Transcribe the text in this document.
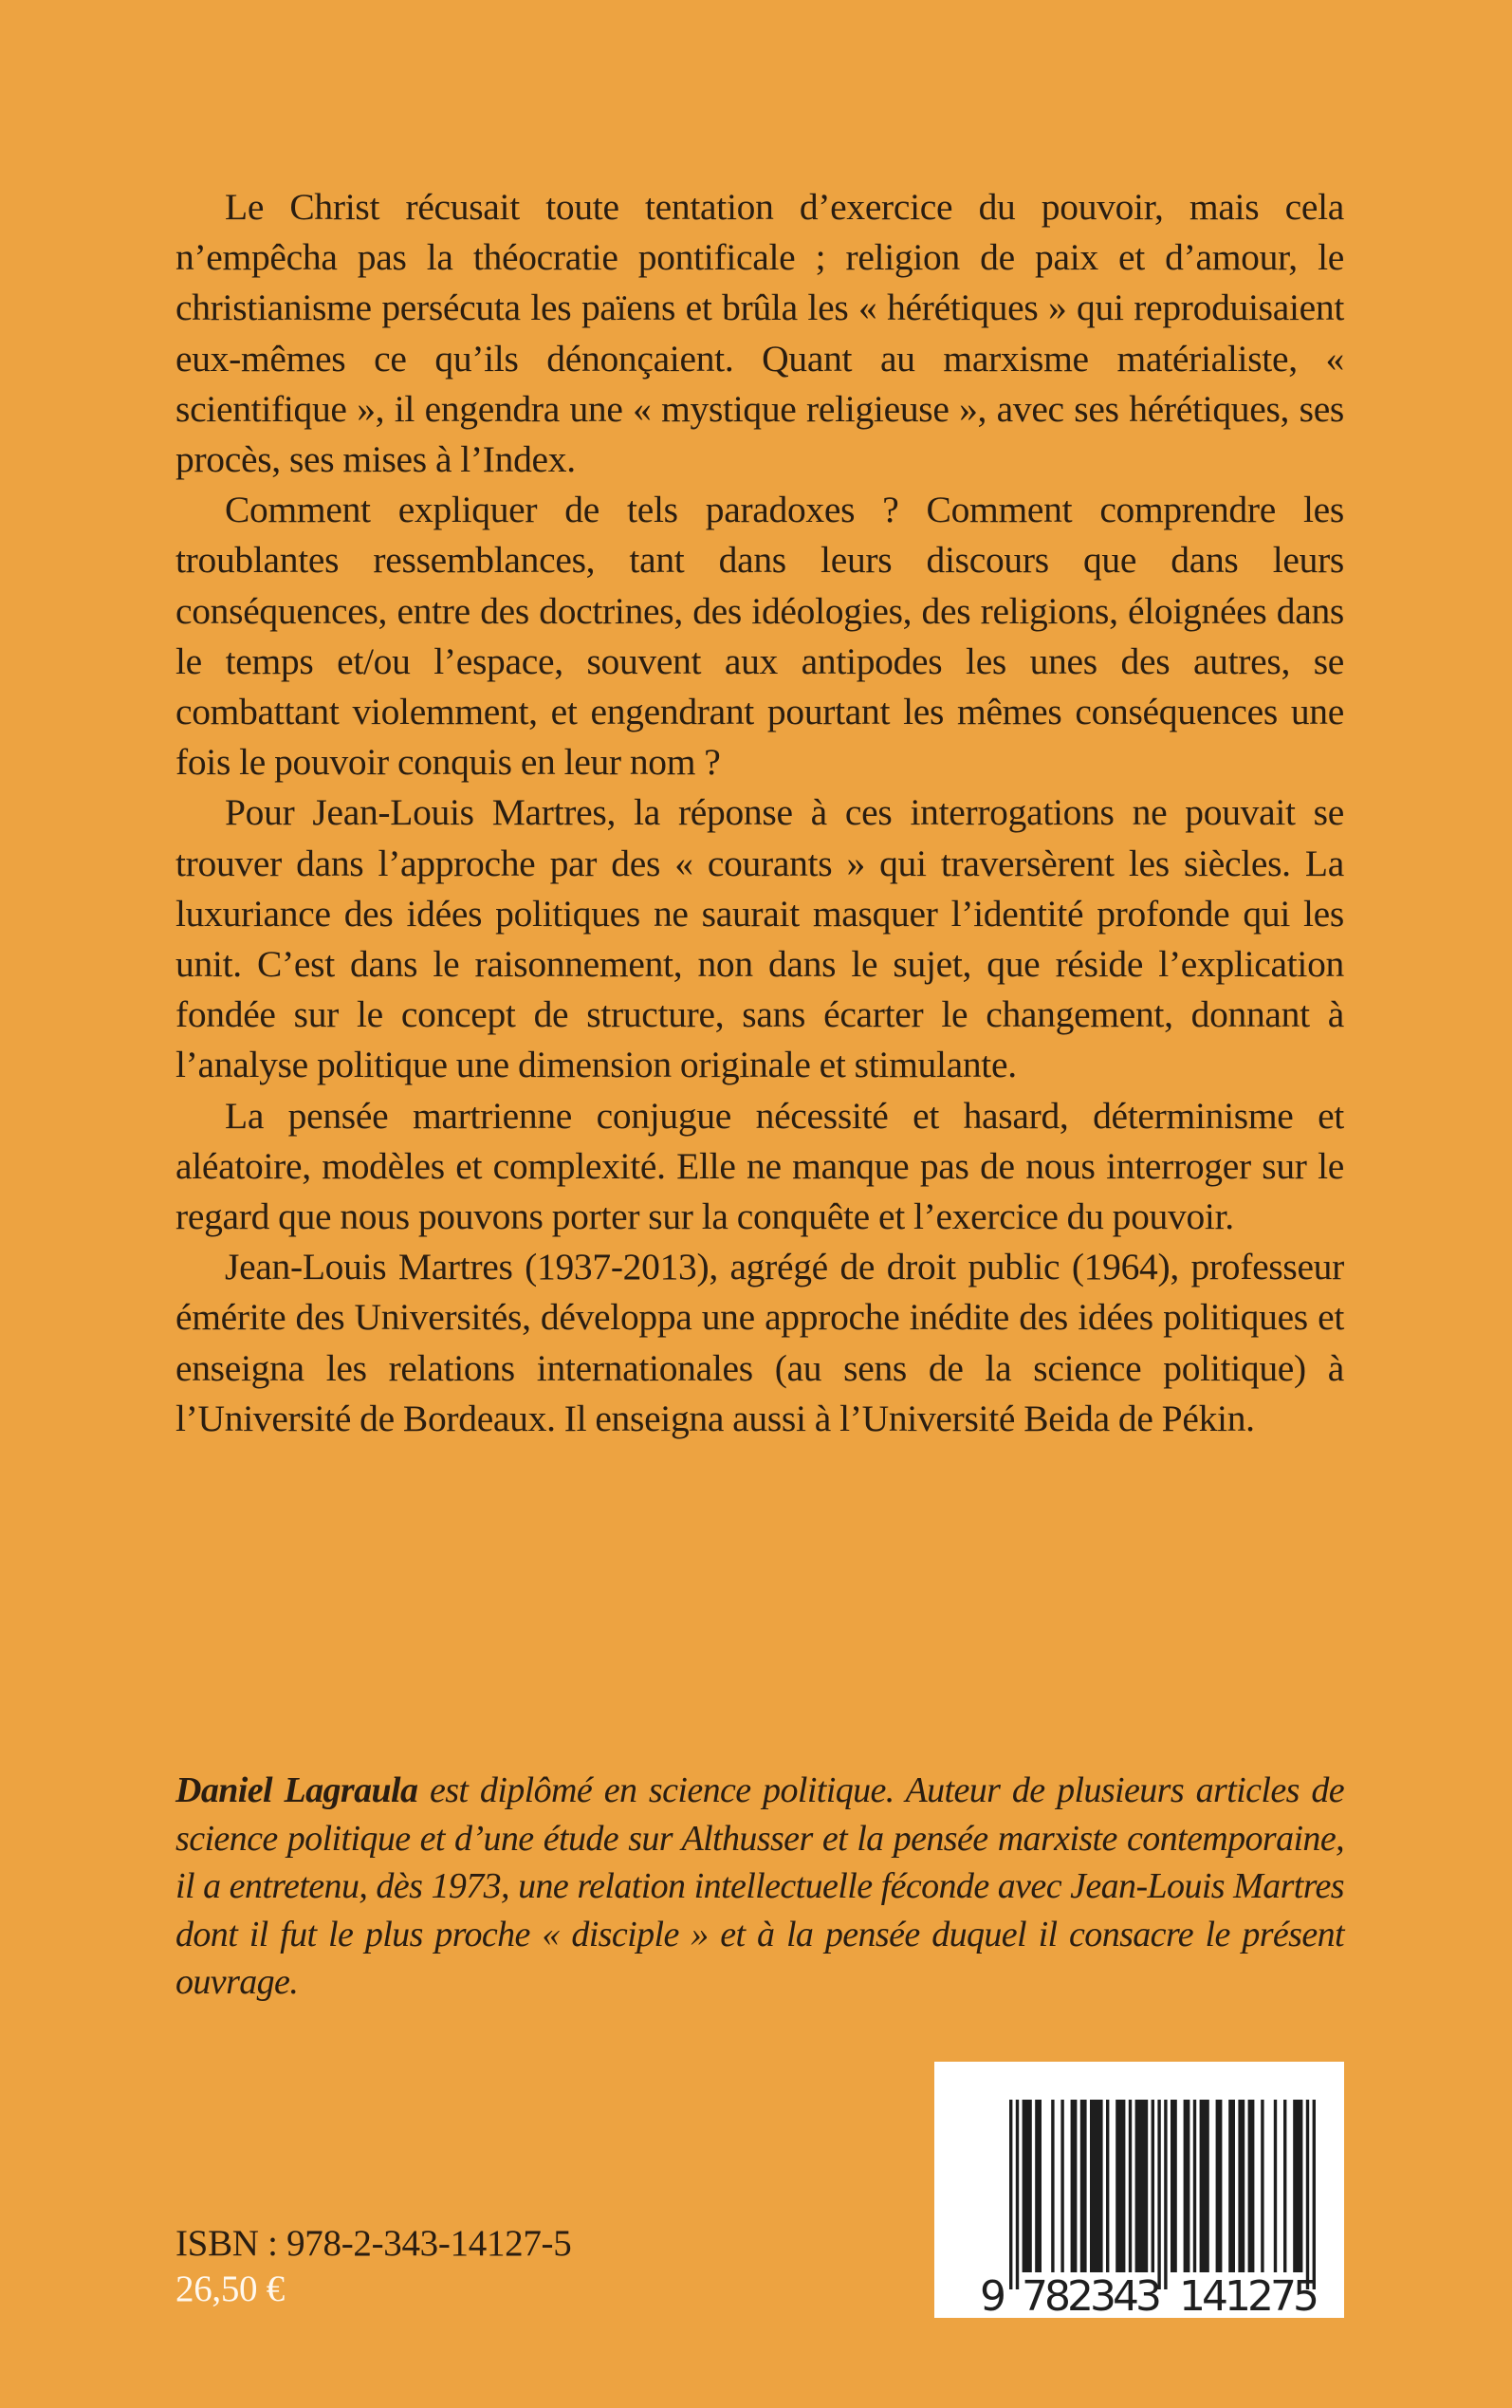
Le Christ récusait toute tentation d’exercice du pouvoir, mais cela n’empêcha pas la théocratie pontificale ; religion de paix et d’amour, le christianisme persécuta les païens et brûla les « hérétiques » qui reproduisaient eux-mêmes ce qu’ils dénonçaient. Quant au marxisme matérialiste, « scientifique », il engendra une « mystique religieuse », avec ses hérétiques, ses procès, ses mises à l’Index.

Comment expliquer de tels paradoxes ? Comment comprendre les troublantes ressemblances, tant dans leurs discours que dans leurs conséquences, entre des doctrines, des idéologies, des religions, éloignées dans le temps et/ou l’espace, souvent aux antipodes les unes des autres, se combattant violemment, et engendrant pourtant les mêmes conséquences une fois le pouvoir conquis en leur nom ?

Pour Jean-Louis Martres, la réponse à ces interrogations ne pouvait se trouver dans l’approche par des « courants » qui traversèrent les siècles. La luxuriance des idées politiques ne saurait masquer l’identité profonde qui les unit. C’est dans le raisonnement, non dans le sujet, que réside l’explication fondée sur le concept de structure, sans écarter le changement, donnant à l’analyse politique une dimension originale et stimulante.

La pensée martrienne conjugue nécessité et hasard, déterminisme et aléatoire, modèles et complexité. Elle ne manque pas de nous interroger sur le regard que nous pouvons porter sur la conquête et l’exercice du pouvoir.

Jean-Louis Martres (1937-2013), agrégé de droit public (1964), professeur émérite des Universités, développa une approche inédite des idées politiques et enseigna les relations internationales (au sens de la science politique) à l’Université de Bordeaux. Il enseigna aussi à l’Université Beida de Pékin.

Daniel Lagraula est diplômé en science politique. Auteur de plusieurs articles de science politique et d’une étude sur Althusser et la pensée marxiste contemporaine, il a entretenu, dès 1973, une relation intellectuelle féconde avec Jean-Louis Martres dont il fut le plus proche « disciple » et à la pensée duquel il consacre le présent ouvrage.

ISBN : 978-2-343-14127-5
26,50 €	9 782343 141275
